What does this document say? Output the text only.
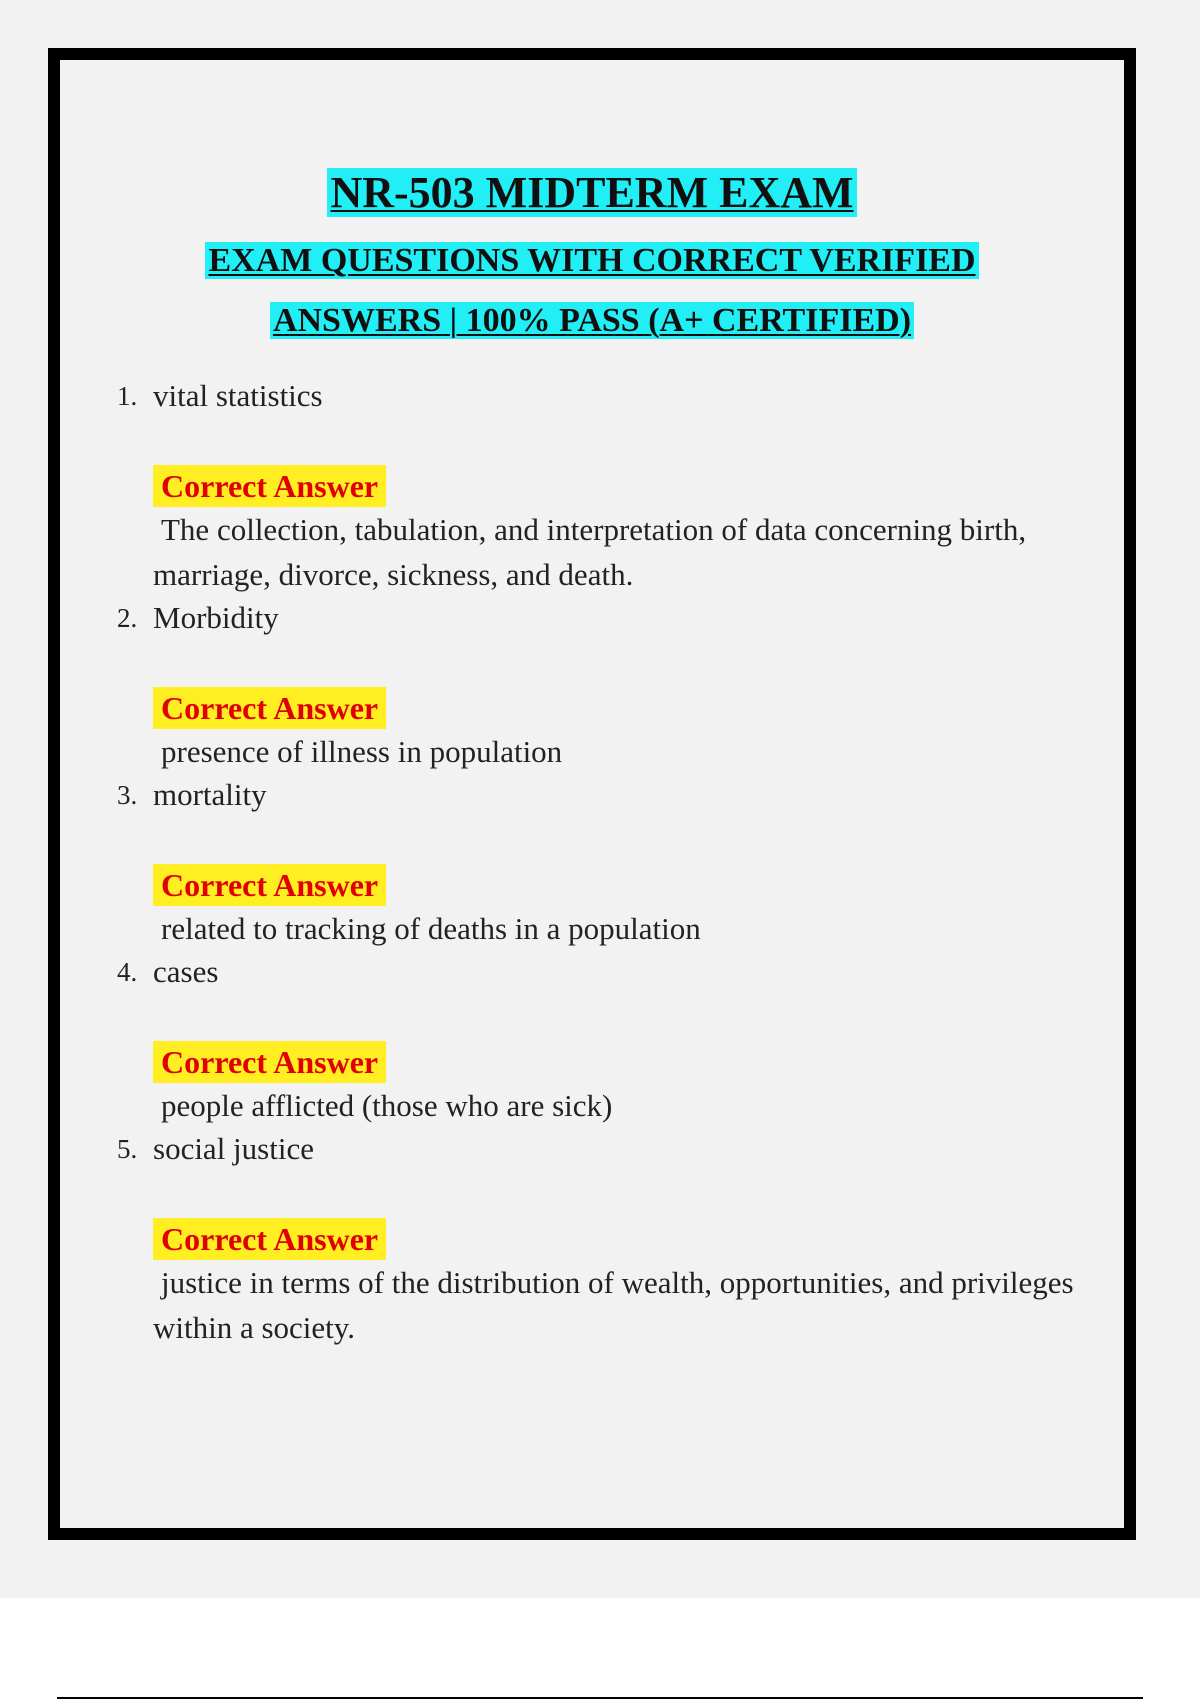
NR-503 MIDTERM EXAM

EXAM QUESTIONS WITH CORRECT VERIFIED

ANSWERS | 100% PASS (A+ CERTIFIED)

1. vital statistics
Correct Answer
The collection, tabulation, and interpretation of data concerning birth, marriage, divorce, sickness, and death.
2. Morbidity
Correct Answer
presence of illness in population
3. mortality
Correct Answer
related to tracking of deaths in a population
4. cases
Correct Answer
people afflicted (those who are sick)
5. social justice
Correct Answer
justice in terms of the distribution of wealth, opportunities, and privileges within a society.
